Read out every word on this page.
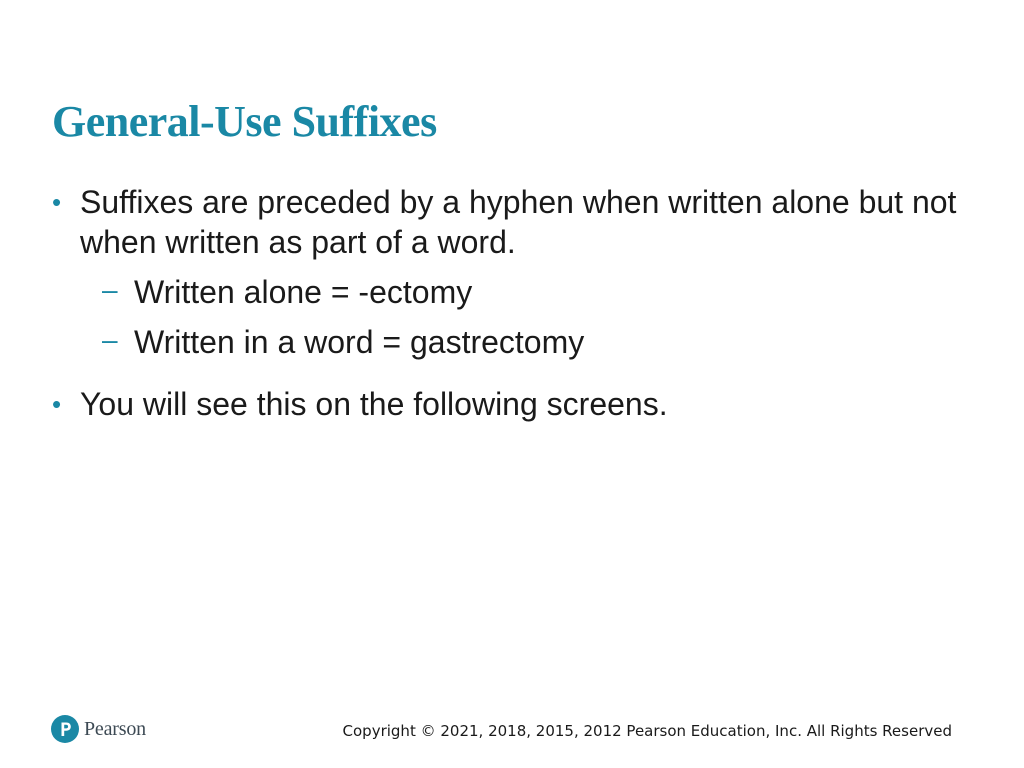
General-Use Suffixes
• Suffixes are preceded by a hyphen when written alone but not when written as part of a word.
– Written alone = -ectomy
– Written in a word = gastrectomy
• You will see this on the following screens.
Pearson	Copyright © 2021, 2018, 2015, 2012 Pearson Education, Inc. All Rights Reserved
